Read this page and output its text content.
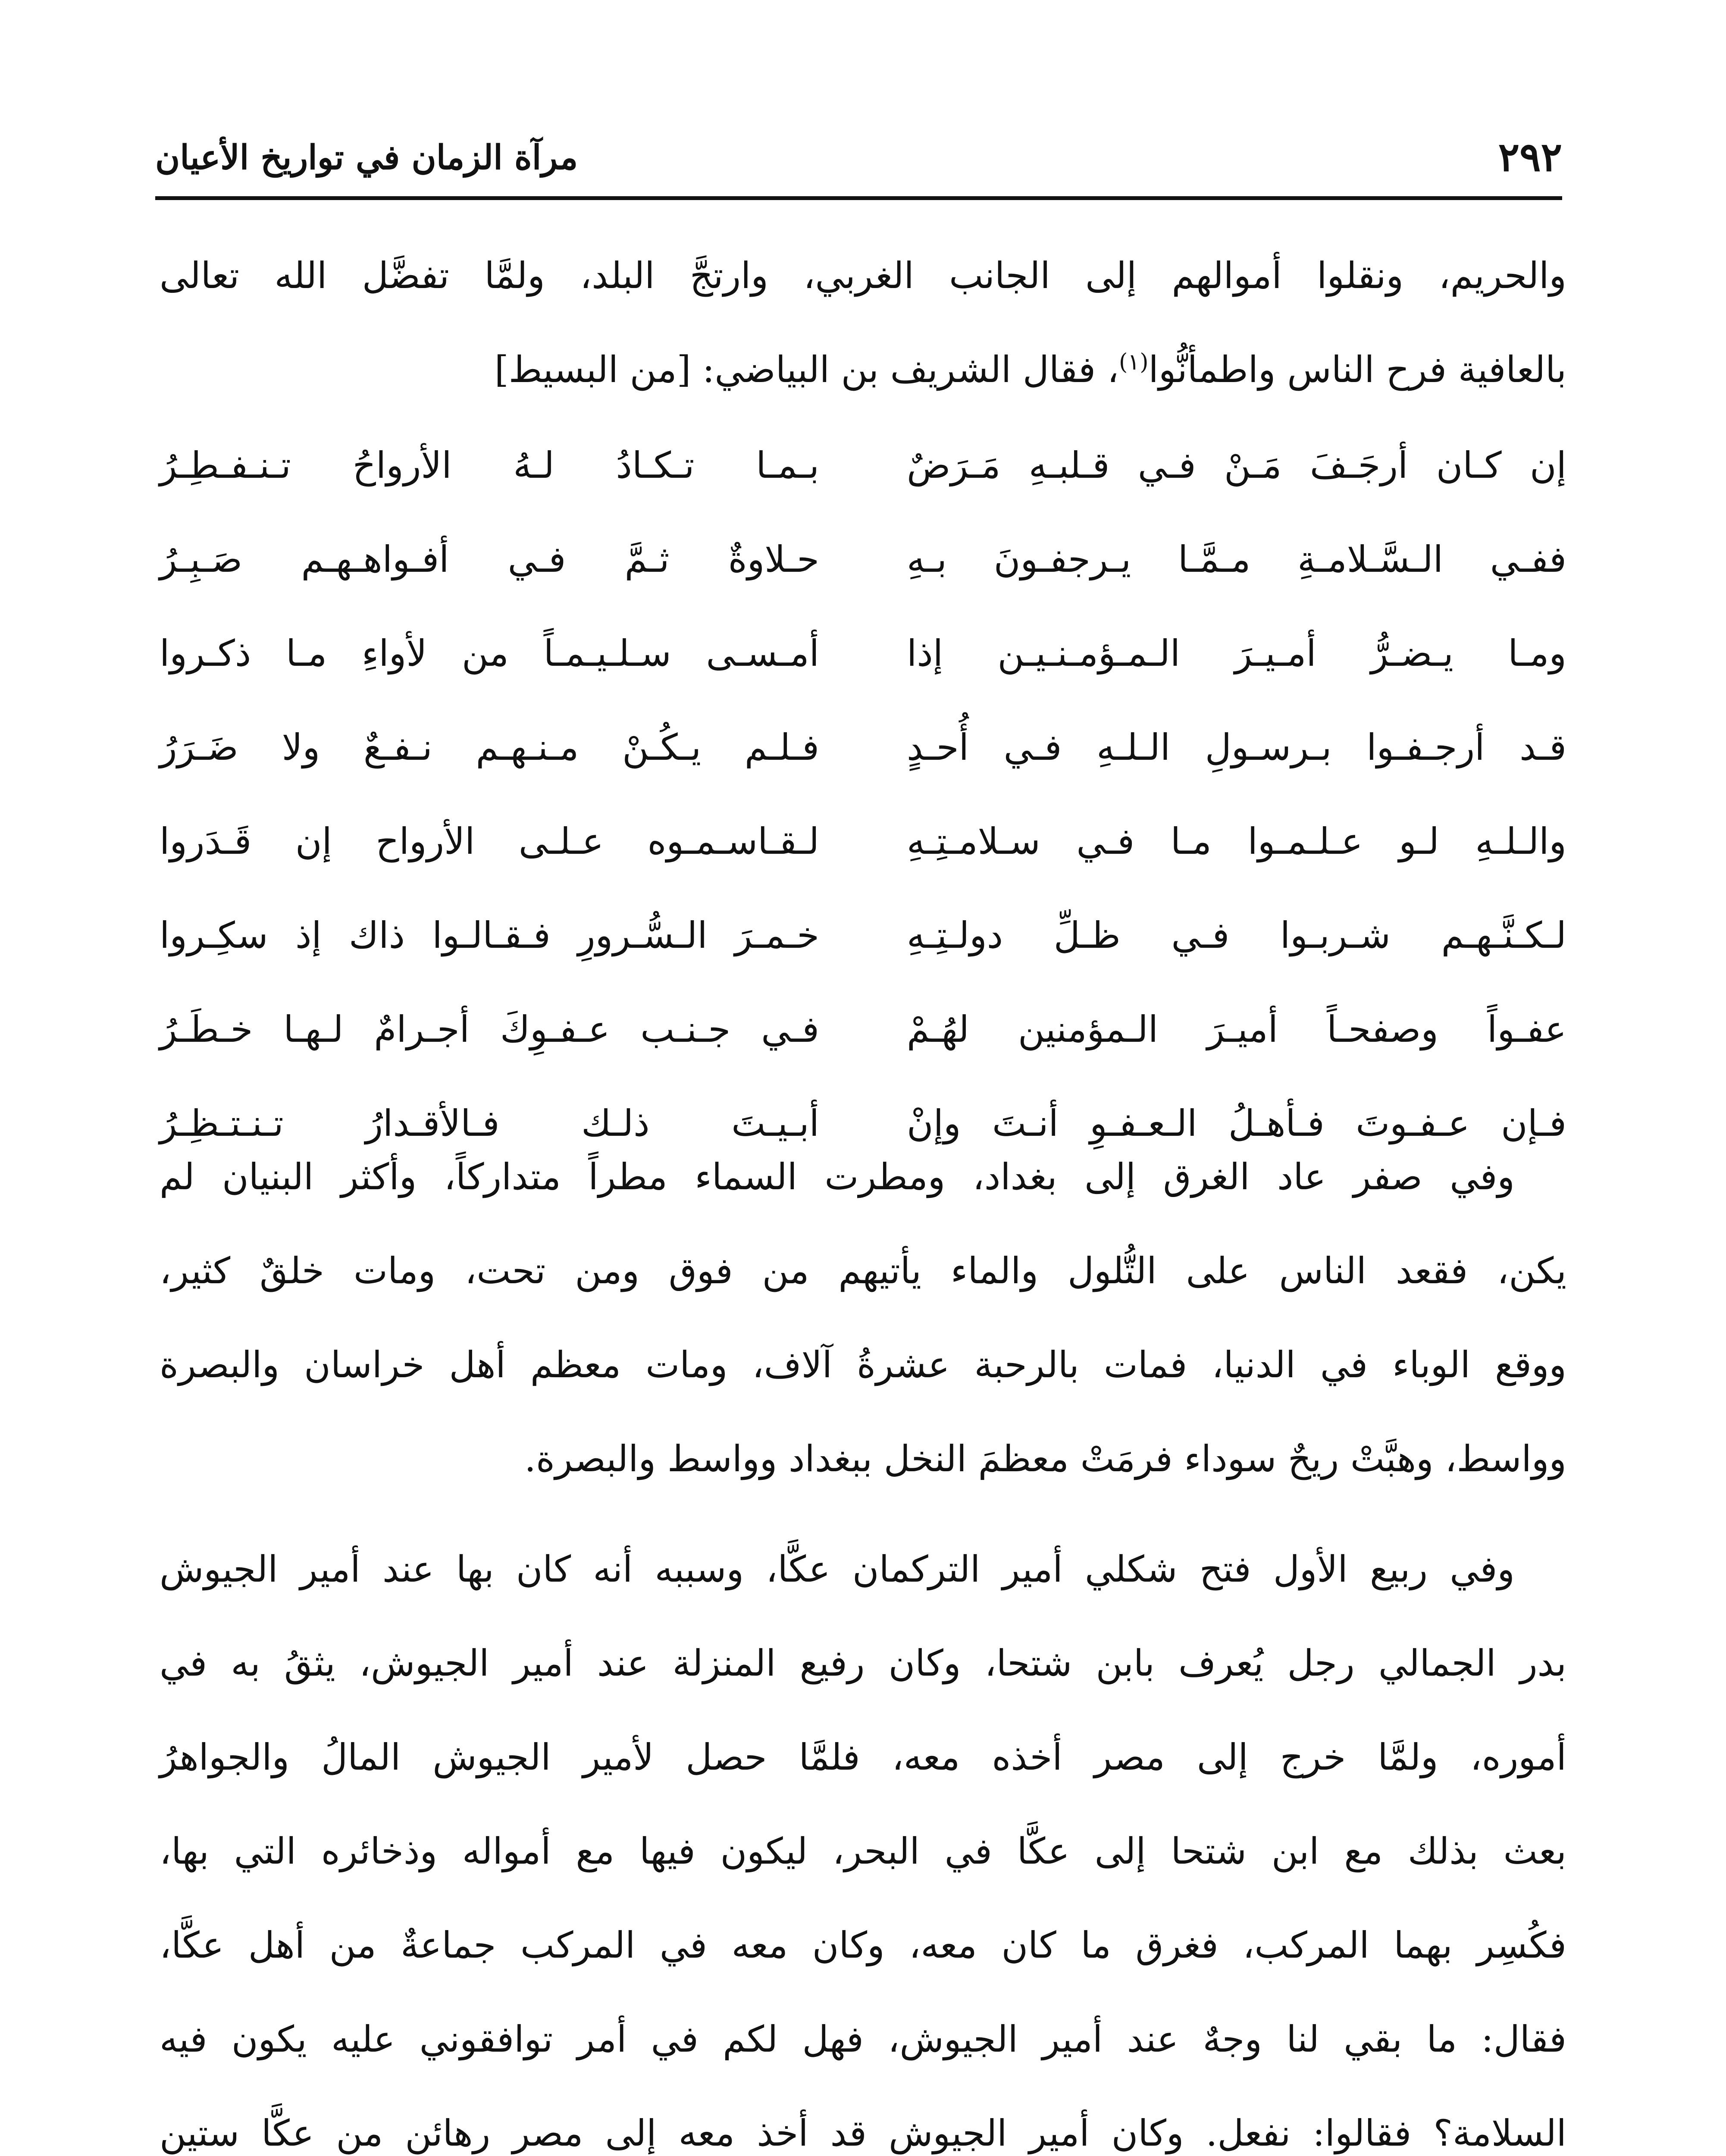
٢٩٢
مرآة الزمان في تواريخ الأعيان
والحريم، ونقلوا أموالهم إلى الجانب الغربي، وارتجَّ البلد، ولمَّا تفضَّل الله تعالى
بالعافية فرح الناس واطمأنُّوا$^{(١)}$، فقال الشريف بن البياضي: [من البسيط]
إن كـان أرجَـفَ مَـنْ فـي قـلبـهِ مَـرَضٌ
بـمـا تـكـادُ لـهُ الأرواحُ تـنـفـطِـرُ
ففـي الـسَّـلامـةِ مـمَّـا يـرجفـونَ بـهِ
حـلاوةٌ ثـمَّ فـي أفـواهـهـم صَـبِـرُ
ومـا يـضـرُّ أمـيـرَ الـمـؤمـنـيـن إذا
أمـسـى سـلـيـمـاً من لأواءِ مـا ذكـروا
قـد أرجـفـوا بـرسـولِ الـلـهِ فـي أُحـدٍ
فـلـم يـكُـنْ مـنـهـم نـفـعٌ ولا ضَـرَرُ
والـلـهِ لـو عـلـمـوا مـا فـي سـلامـتِـهِ
لـقـاسـمـوه عـلـى الأرواح إن قَـدَروا
لـكـنَّـهـم شـربـوا فـي ظـلِّ دولـتِـهِ
خـمـرَ الـسُّـرورِ فـقـالـوا ذاك إذ سكِـروا
عفـواً وصفحـاً أميـرَ الـمؤمنين لهُـمْ
فـي جـنـب عـفـوِكَ أجـرامٌ لـهـا خـطَـرُ
فـإن عـفـوتَ فـأهـلُ الـعـفـوِ أنـتَ وإنْ
أبـيـتَ ذلـك فـالأقـدارُ تـنـتـظِـرُ
وفي صفر عاد الغرق إلى بغداد، ومطرت السماء مطراً متداركاً، وأكثر البنيان لم
يكن، فقعد الناس على التُّلول والماء يأتيهم من فوق ومن تحت، ومات خلقٌ كثير،
ووقع الوباء في الدنيا، فمات بالرحبة عشرةُ آلاف، ومات معظم أهل خراسان والبصرة
وواسط، وهبَّتْ ريحٌ سوداء فرمَتْ معظمَ النخل ببغداد وواسط والبصرة.
وفي ربيع الأول فتح شكلي أمير التركمان عكَّا، وسببه أنه كان بها عند أمير الجيوش
بدر الجمالي رجل يُعرف بابن شتحا، وكان رفيع المنزلة عند أمير الجيوش، يثقُ به في
أموره، ولمَّا خرج إلى مصر أخذه معه، فلمَّا حصل لأمير الجيوش المالُ والجواهرُ
بعث بذلك مع ابن شتحا إلى عكَّا في البحر، ليكون فيها مع أمواله وذخائره التي بها،
فكُسِر بهما المركب، فغرق ما كان معه، وكان معه في المركب جماعةٌ من أهل عكَّا،
فقال: ما بقي لنا وجهٌ عند أمير الجيوش، فهل لكم في أمر توافقوني عليه يكون فيه
السلامة؟ فقالوا: نفعل. وكان أمير الجيوش قد أخذ معه إلى مصر رهائن من عكَّا ستين
